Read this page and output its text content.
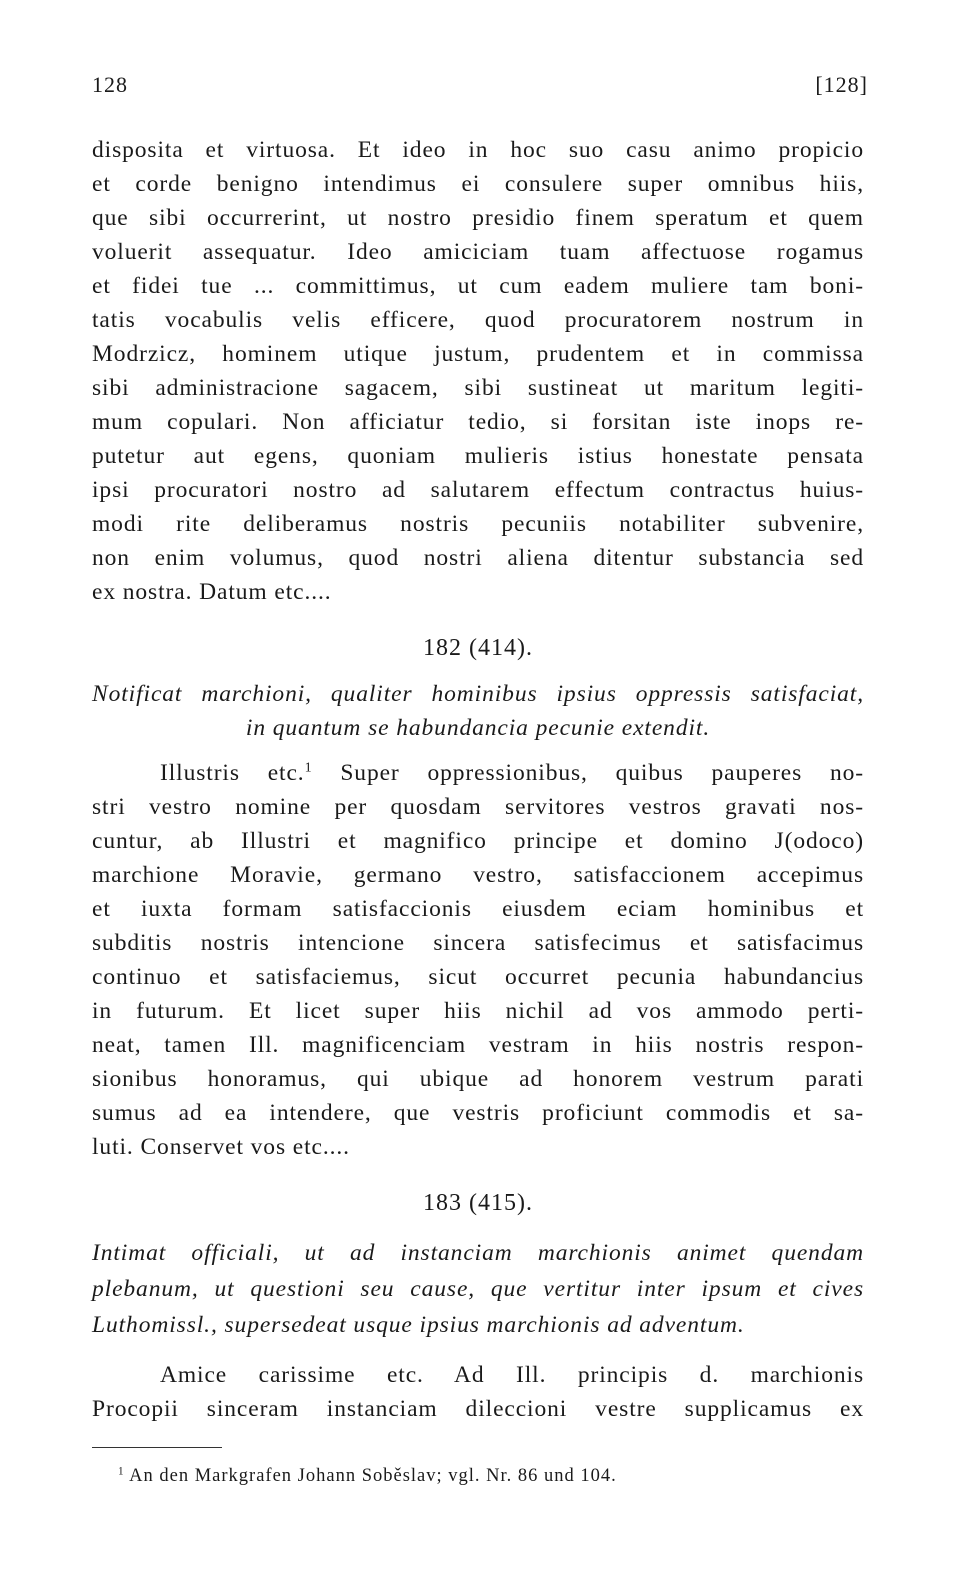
128	[128]
disposita et virtuosa. Et ideo in hoc suo casu animo propicio
et corde benigno intendimus ei consulere super omnibus hiis,
que sibi occurrerint, ut nostro presidio finem speratum et quem
voluerit assequatur. Ideo amiciciam tuam affectuose rogamus
et fidei tue ... committimus, ut cum eadem muliere tam boni-
tatis vocabulis velis efficere, quod procuratorem nostrum in
Modrzicz, hominem utique justum, prudentem et in commissa
sibi administracione sagacem, sibi sustineat ut maritum legiti-
mum copulari. Non afficiatur tedio, si forsitan iste inops re-
putetur aut egens, quoniam mulieris istius honestate pensata
ipsi procuratori nostro ad salutarem effectum contractus huius-
modi rite deliberamus nostris pecuniis notabiliter subvenire,
non enim volumus, quod nostri aliena ditentur substancia sed
ex nostra. Datum etc....
182 (414).
Notificat marchioni, qualiter hominibus ipsius oppressis satisfaciat,
in quantum se habundancia pecunie extendit.
Illustris etc.$^1$ Super oppressionibus, quibus pauperes no-
stri vestro nomine per quosdam servitores vestros gravati nos-
cuntur, ab Illustri et magnifico principe et domino J(odoco)
marchione Moravie, germano vestro, satisfaccionem accepimus
et iuxta formam satisfaccionis eiusdem eciam hominibus et
subditis nostris intencione sincera satisfecimus et satisfacimus
continuo et satisfaciemus, sicut occurret pecunia habundancius
in futurum. Et licet super hiis nichil ad vos ammodo perti-
neat, tamen Ill. magnificenciam vestram in hiis nostris respon-
sionibus honoramus, qui ubique ad honorem vestrum parati
sumus ad ea intendere, que vestris proficiunt commodis et sa-
luti. Conservet vos etc....
183 (415).
Intimat officiali, ut ad instanciam marchionis animet quendam
plebanum, ut questioni seu cause, que vertitur inter ipsum et cives
Luthomissl., supersedeat usque ipsius marchionis ad adventum.
Amice carissime etc. Ad Ill. principis d. marchionis
Procopii sinceram instanciam dileccioni vestre supplicamus ex
$^1$ An den Markgrafen Johann Soběslav; vgl. Nr. 86 und 104.
